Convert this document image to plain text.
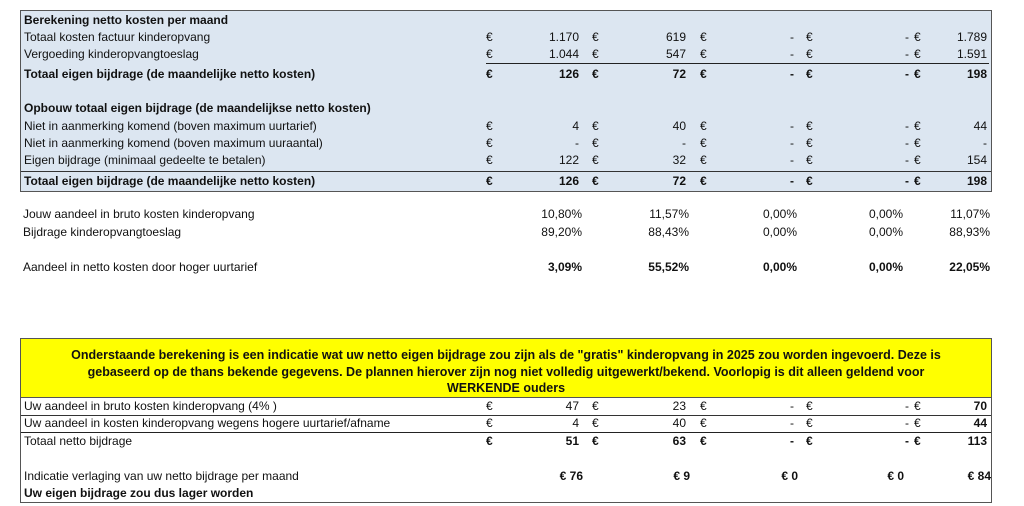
Berekening netto kosten per maand
Totaal kosten factuur kinderopvang	€	1.170 €	619 €	- €	- €	1.789
Vergoeding kinderopvangtoeslag	€	1.044 €	547 €	- €	- €	1.591
Totaal eigen bijdrage (de maandelijke netto kosten)	€	126 €	72 €	- €	- €	198
Opbouw totaal eigen bijdrage (de maandelijkse netto kosten)
Niet in aanmerking komend (boven maximum uurtarief)	€	4 €	40 €	- €	- €	44
Niet in aanmerking komend (boven maximum uuraantal)	€	- €	- €	- €	- €	-
Eigen bijdrage (minimaal gedeelte te betalen)	€	122 €	32 €	- €	- €	154
Totaal eigen bijdrage (de maandelijke netto kosten)	€	126 €	72 €	- €	- €	198
Jouw aandeel in bruto kosten kinderopvang	10,80%	11,57%	0,00%	0,00%	11,07%
Bijdrage kinderopvangtoeslag	89,20%	88,43%	0,00%	0,00%	88,93%
Aandeel in netto kosten door hoger uurtarief	3,09%	55,52%	0,00%	0,00%	22,05%
Onderstaande berekening is een indicatie wat uw netto eigen bijdrage zou zijn als de "gratis" kinderopvang in 2025 zou worden ingevoerd. Deze is
gebaseerd op de thans bekende gegevens. De plannen hierover zijn nog niet volledig uitgewerkt/bekend. Voorlopig is dit alleen geldend voor
WERKENDE ouders
Uw aandeel in bruto kosten kinderopvang (4% )	€	47 €	23 €	- €	- €	70
Uw aandeel in kosten kinderopvang wegens hogere uurtarief/afname	€	4 €	40 €	- €	- €	44
Totaal netto bijdrage	€	51 €	63 €	- €	- €	113
Indicatie verlaging van uw netto bijdrage per maand	€ 76	€ 9	€ 0	€ 0	€ 84
Uw eigen bijdrage zou dus lager worden
